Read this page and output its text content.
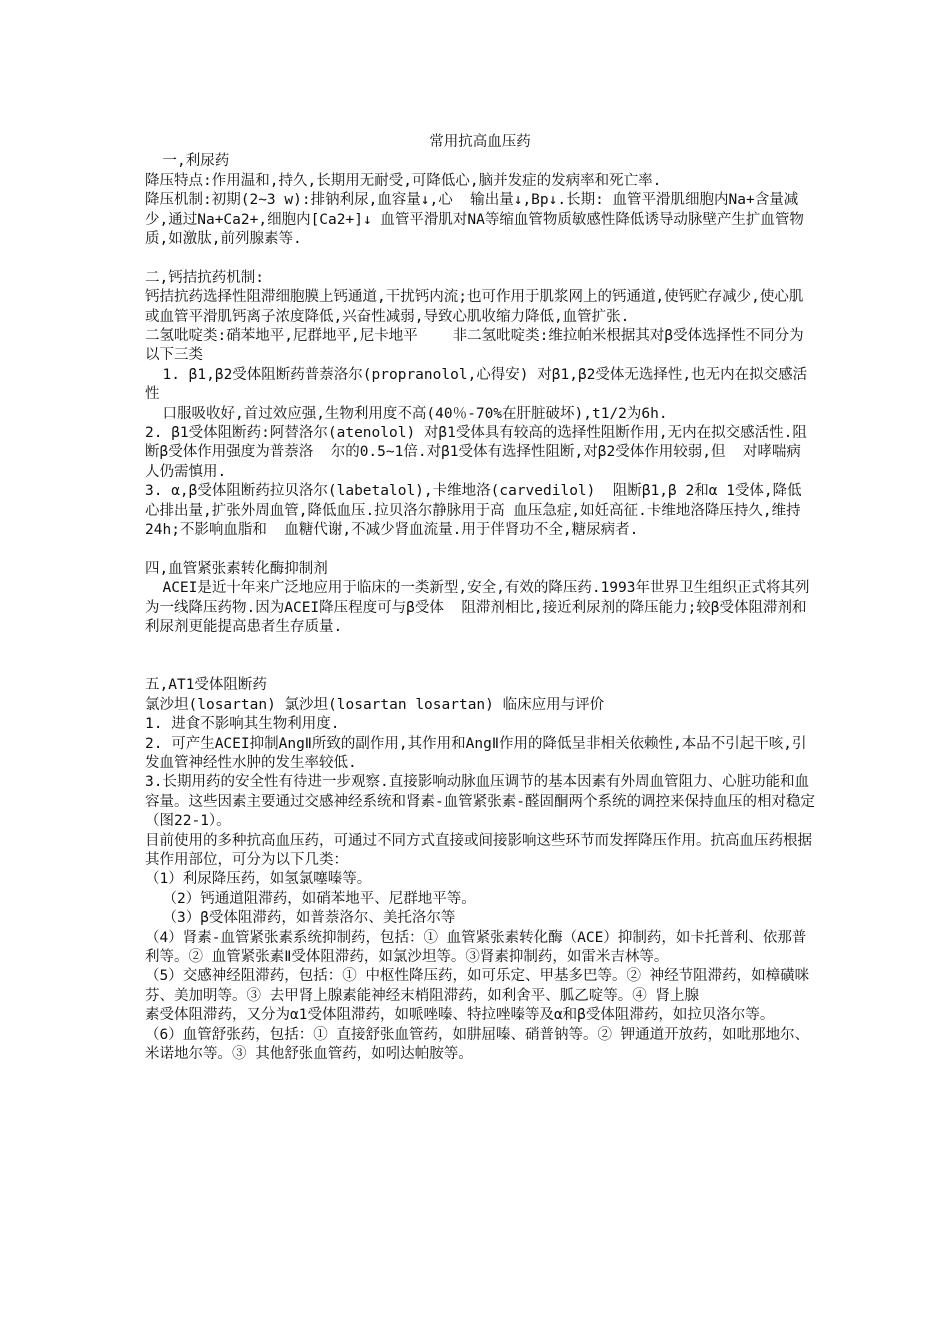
常用抗高血压药

一,利尿药

降压特点:作用温和,持久,长期用无耐受,可降低心,脑并发症的发病率和死亡率.

降压机制:初期(2~3 w):排钠利尿,血容量↓,心  输出量↓,Bp↓.长期: 血管平滑肌细胞内Na+含量减少,通过Na+Ca2+,细胞内[Ca2+]↓ 血管平滑肌对NA等缩血管物质敏感性降低诱导动脉壁产生扩血管物质,如激肽,前列腺素等.

二,钙拮抗药机制:

钙拮抗药选择性阻滞细胞膜上钙通道,干扰钙内流;也可作用于肌浆网上的钙通道,使钙贮存减少,使心肌或血管平滑肌钙离子浓度降低,兴奋性减弱,导致心肌收缩力降低,血管扩张.

二氢吡啶类:硝苯地平,尼群地平,尼卡地平    非二氢吡啶类:维拉帕米根据其对β受体选择性不同分为以下三类

1. β1,β2受体阻断药普萘洛尔(propranolol,心得安) 对β1,β2受体无选择性,也无内在拟交感活性

口服吸收好,首过效应强,生物利用度不高(40％-70%在肝脏破坏),t1/2为6h.

2. β1受体阻断药:阿替洛尔(atenolol) 对β1受体具有较高的选择性阻断作用,无内在拟交感活性.阻断β受体作用强度为普萘洛  尔的0.5~1倍.对β1受体有选择性阻断,对β2受体作用较弱,但  对哮喘病人仍需慎用.

3. α,β受体阻断药拉贝洛尔(labetalol),卡维地洛(carvedilol)  阻断β1,β 2和α 1受体,降低心排出量,扩张外周血管,降低血压.拉贝洛尔静脉用于高 血压急症,如妊高征.卡维地洛降压持久,维持 24h;不影响血脂和  血糖代谢,不减少肾血流量.用于伴肾功不全,糖尿病者.

四,血管紧张素转化酶抑制剂

ACEI是近十年来广泛地应用于临床的一类新型,安全,有效的降压药.1993年世界卫生组织正式将其列为一线降压药物.因为ACEI降压程度可与β受体  阻滞剂相比,接近利尿剂的降压能力;较β受体阻滞剂和利尿剂更能提高患者生存质量.

五,AT1受体阻断药

氯沙坦(losartan) 氯沙坦(losartan losartan) 临床应用与评价

1. 进食不影响其生物利用度.

2. 可产生ACEI抑制AngⅡ所致的副作用,其作用和AngⅡ作用的降低呈非相关依赖性,本品不引起干咳,引发血管神经性水肿的发生率较低.

3.长期用药的安全性有待进一步观察.直接影响动脉血压调节的基本因素有外周血管阻力、心脏功能和血容量。这些因素主要通过交感神经系统和肾素-血管紧张素-醛固酮两个系统的调控来保持血压的相对稳定（图22-1）。

目前使用的多种抗高血压药，可通过不同方式直接或间接影响这些环节而发挥降压作用。抗高血压药根据其作用部位，可分为以下几类：

（1）利尿降压药，如氢氯噻嗪等。

（2）钙通道阻滞药，如硝苯地平、尼群地平等。

（3）β受体阻滞药，如普萘洛尔、美托洛尔等

（4）肾素-血管紧张素系统抑制药，包括：① 血管紧张素转化酶（ACE）抑制药，如卡托普利、依那普利等。② 血管紧张素Ⅱ受体阻滞药，如氯沙坦等。③肾素抑制药，如雷米吉林等。

（5）交感神经阻滞药，包括：① 中枢性降压药，如可乐定、甲基多巴等。② 神经节阻滞药，如樟磺咪芬、美加明等。③ 去甲肾上腺素能神经末梢阻滞药，如利舍平、胍乙啶等。④ 肾上腺

素受体阻滞药，又分为α1受体阻滞药，如哌唑嗪、特拉唑嗪等及α和β受体阻滞药，如拉贝洛尔等。

（6）血管舒张药，包括：① 直接舒张血管药，如肼屈嗪、硝普钠等。② 钾通道开放药，如吡那地尔、米诺地尔等。③ 其他舒张血管药，如吲达帕胺等。
